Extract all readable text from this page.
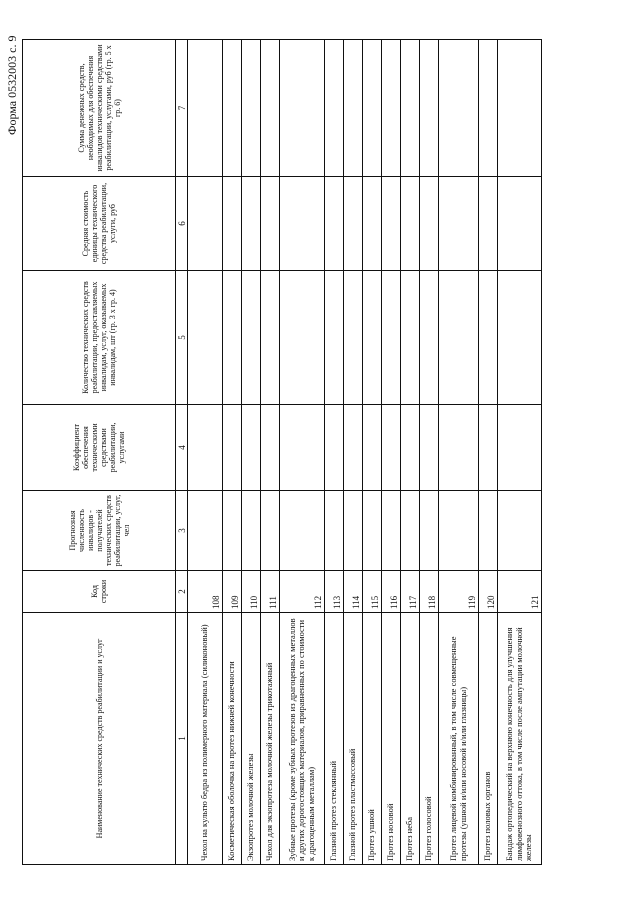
Форма 0532003 с. 9
Наименование технических средств реабилитации и услуг	Код строки	Прогнозная численность инвалидов - получателей технических средств реабилитации, услуг, чел	Коэффициент обеспечения техническими средствами реабилитации, услугами	Количество технических средств реабилитации, предоставляемых инвалидам, услуг, оказываемых инвалидам, шт (гр. 3 x гр. 4)	Средняя стоимость единицы технического средства реабилитации, услуги, руб	Сумма денежных средств, необходимых для обеспечения инвалидов техническими средствами реабилитации, услугами, руб (гр. 5 x гр. 6)
1	2	3	4	5	6	7
Чехол на культю бедра из полимерного материала (силиконовый)	108					
Косметическая оболочка на протез нижней конечности	109					
Экзопротез молочной железы	110					
Чехол для экзопротеза молочной железы трикотажный	111					
Зубные протезы (кроме зубных протезов из драгоценных металлов и других дорогостоящих материалов, приравненных по стоимости к драгоценным металлам)	112					
Глазной протез стеклянный	113					
Глазной протез пластмассовый	114					
Протез ушной	115					
Протез носовой	116					
Протез неба	117					
Протез голосовой	118					
Протез лицевой комбинированный, в том числе совмещенные протезы (ушной и/или носовой и/или глазницы)	119					
Протез половых органов	120					
Бандаж ортопедический на верхнюю конечность для улучшения лимфовенозного оттока, в том числе после ампутации молочной железы	121					
